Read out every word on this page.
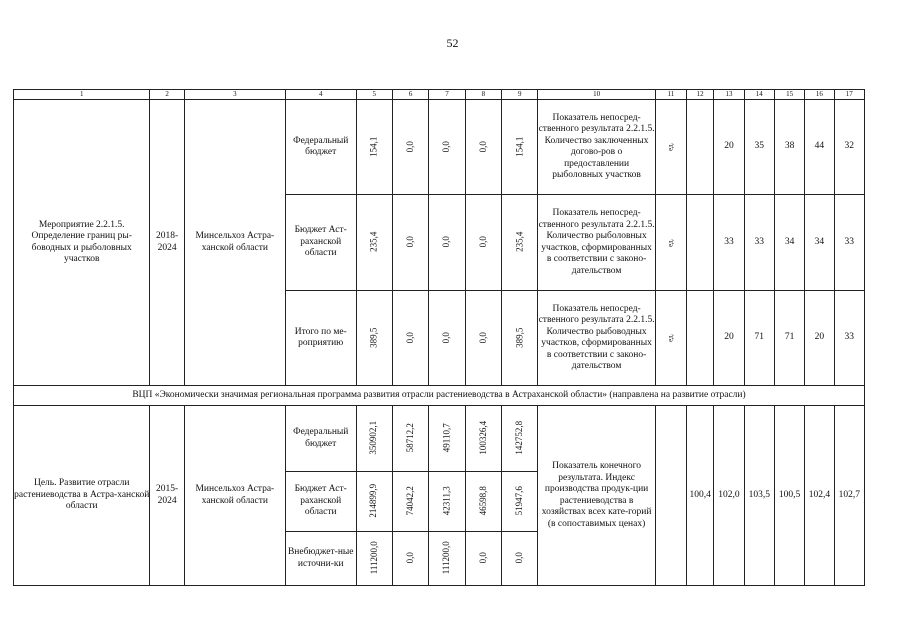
52
1	2	3	4	5	6	7	8	9	10	11	12	13	14	15	16	17
Мероприятие 2.2.1.5. Определение границ ры-боводных и рыболовных участков	2018-2024	Минсельхоз Астра-ханской области	Федеральный бюджет	154,1	0,0	0,0	0,0	154,1	Показатель непосред-ственного результата 2.2.1.5. Количество заключенных догово-ров о предоставлении рыболовных участков	ед.		20	35	38	44	32
			Бюджет Аст-раханской области	235,4	0,0	0,0	0,0	235,4	Показатель непосред-ственного результата 2.2.1.5. Количество рыболовных участков, сформированных в соответствии с законо-дательством	ед.		33	33	34	34	33
			Итого по ме-роприятию	389,5	0,0	0,0	0,0	389,5	Показатель непосред-ственного результата 2.2.1.5. Количество рыбоводных участков, сформированных в соответствии с законо-дательством	ед.		20	71	71	20	33
ВЦП «Экономически значимая региональная программа развития отрасли растениеводства в Астраханской области» (направлена на развитие отрасли)																
Цель. Развитие отрасли растениеводства в Астра-ханской области	2015-2024	Минсельхоз Астра-ханской области	Федеральный бюджет	350902,1	58712,2	49110,7	100326,4	142752,8	Показатель конечного результата. Индекс производства продук-ции растениеводства в хозяйствах всех кате-горий (в сопоставимых ценах)		100,4	102,0	103,5	100,5	102,4	102,7
			Бюджет Аст-раханской области	214899,9	74042,2	42311,3	46598,8	51947,6								
			Внебюджет-ные источни-ки	111200,0	0,0	111200,0	0,0	0,0								
